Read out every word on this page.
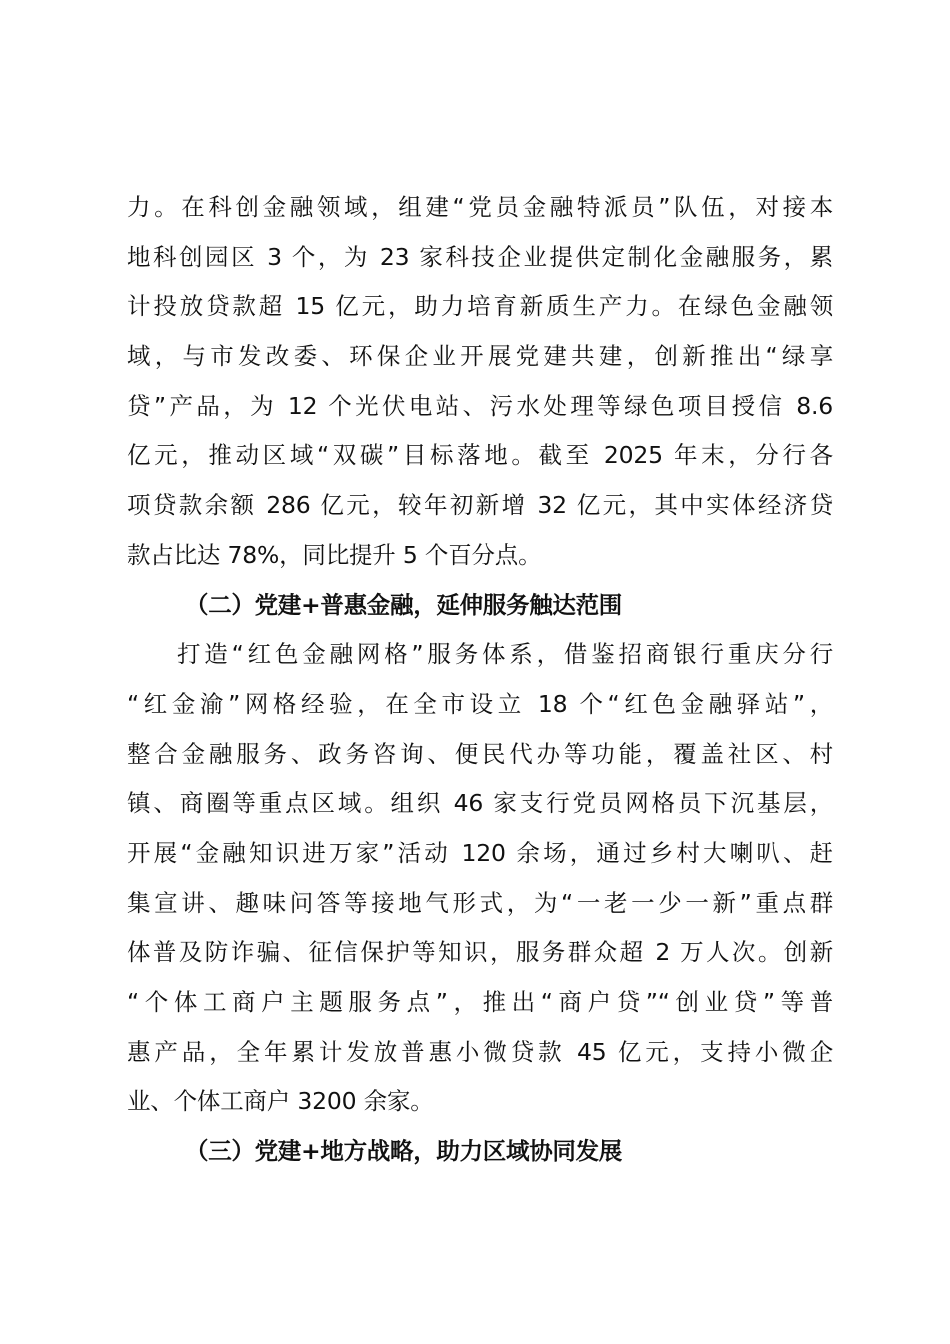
力。在科创金融领域，组建“党员金融特派员”队伍，对接本
地科创园区 3 个，为 23 家科技企业提供定制化金融服务，累
计投放贷款超 15 亿元，助力培育新质生产力。在绿色金融领
域，与市发改委、环保企业开展党建共建，创新推出“绿享
贷”产品，为 12 个光伏电站、污水处理等绿色项目授信 8.6
亿元，推动区域“双碳”目标落地。截至 2025 年末，分行各
项贷款余额 286 亿元，较年初新增 32 亿元，其中实体经济贷
款占比达 78%，同比提升 5 个百分点。
（二）党建+普惠金融，延伸服务触达范围
打造“红色金融网格”服务体系，借鉴招商银行重庆分行
“红金渝”网格经验，在全市设立 18 个“红色金融驿站”，
整合金融服务、政务咨询、便民代办等功能，覆盖社区、村
镇、商圈等重点区域。组织 46 家支行党员网格员下沉基层，
开展“金融知识进万家”活动 120 余场，通过乡村大喇叭、赶
集宣讲、趣味问答等接地气形式，为“一老一少一新”重点群
体普及防诈骗、征信保护等知识，服务群众超 2 万人次。创新
“个体工商户主题服务点”，推出“商户贷”“创业贷”等普
惠产品，全年累计发放普惠小微贷款 45 亿元，支持小微企
业、个体工商户 3200 余家。
（三）党建+地方战略，助力区域协同发展
